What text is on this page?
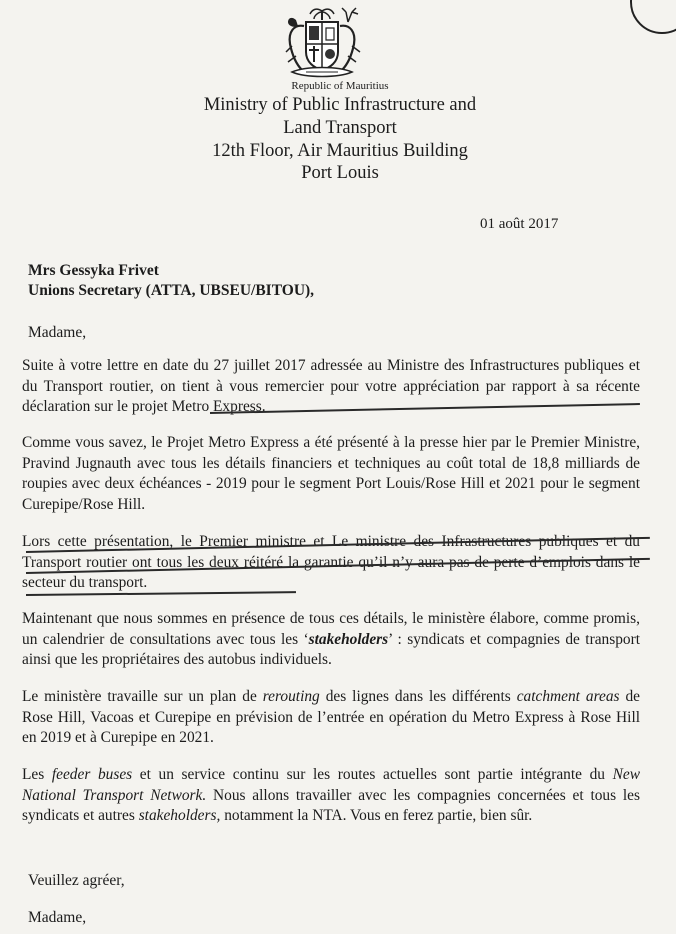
Republic of Mauritius
Ministry of Public Infrastructure and
Land Transport
12th Floor, Air Mauritius Building
Port Louis
01 août 2017
Mrs Gessyka Frivet
Unions Secretary (ATTA, UBSEU/BITOU),
Madame,
Suite à votre lettre en date du 27 juillet 2017 adressée au Ministre des Infrastructures publiques et du Transport routier, on tient à vous remercier pour votre appréciation par rapport à sa récente déclaration sur le projet Metro Express.
Comme vous savez, le Projet Metro Express a été présenté à la presse hier par le Premier Ministre, Pravind Jugnauth avec tous les détails financiers et techniques au coût total de 18,8 milliards de roupies avec deux échéances - 2019 pour le segment Port Louis/Rose Hill et 2021 pour le segment Curepipe/Rose Hill.
Lors cette présentation, le Premier ministre et Le ministre des Infrastructures publiques et du Transport routier ont tous les deux réitéré la garantie qu’il n’y aura pas de perte d’emplois dans le secteur du transport.
Maintenant que nous sommes en présence de tous ces détails, le ministère élabore, comme promis, un calendrier de consultations avec tous les ‘stakeholders’ : syndicats et compagnies de transport ainsi que les propriétaires des autobus individuels.
Le ministère travaille sur un plan de rerouting des lignes dans les différents catchment areas de Rose Hill, Vacoas et Curepipe en prévision de l’entrée en opération du Metro Express à Rose Hill en 2019 et à Curepipe en 2021.
Les feeder buses et un service continu sur les routes actuelles sont partie intégrante du New National Transport Network. Nous allons travailler avec les compagnies concernées et tous les syndicats et autres stakeholders, notamment la NTA. Vous en ferez partie, bien sûr.
Veuillez agréer,
Madame,
